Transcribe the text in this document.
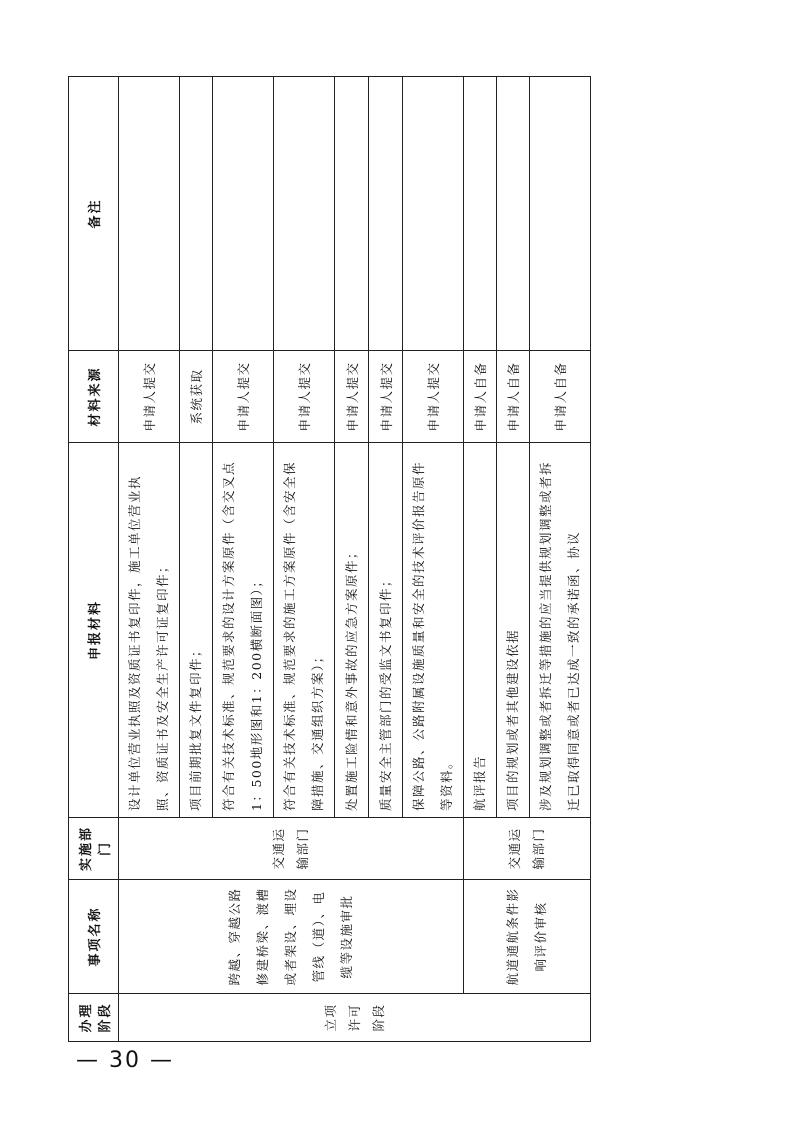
办理阶段	事项名称	实施部门	申报材料	材料来源	备注
立项许可阶段	跨越、穿越公路修建桥梁、渡槽或者架设、埋设管线（道）、电缆等设施审批	交通运输部门	设计单位营业执照及资质证书复印件，施工单位营业执照、资质证书及安全生产许可证复印件；	申请人提交	
			项目前期批复文件复印件；	系统获取	
			符合有关技术标准、规范要求的设计方案原件（含交叉点1：500地形图和1：200横断面图）；	申请人提交	
			符合有关技术标准、规范要求的施工方案原件（含安全保障措施、交通组织方案）；	申请人提交	
			处置施工险情和意外事故的应急方案原件；	申请人提交	
			质量安全主管部门的受监文书复印件；	申请人提交	
			保障公路、公路附属设施质量和安全的技术评价报告原件等资料。	申请人提交	
	航道通航条件影响评价审核	交通运输部门	航评报告	申请人自备	
			项目的规划或者其他建设依据	申请人自备	
			涉及规划调整或者拆迁等措施的应当提供规划调整或者拆迁已取得同意或者已达成一致的承诺函、协议	申请人自备	
— 30 —
